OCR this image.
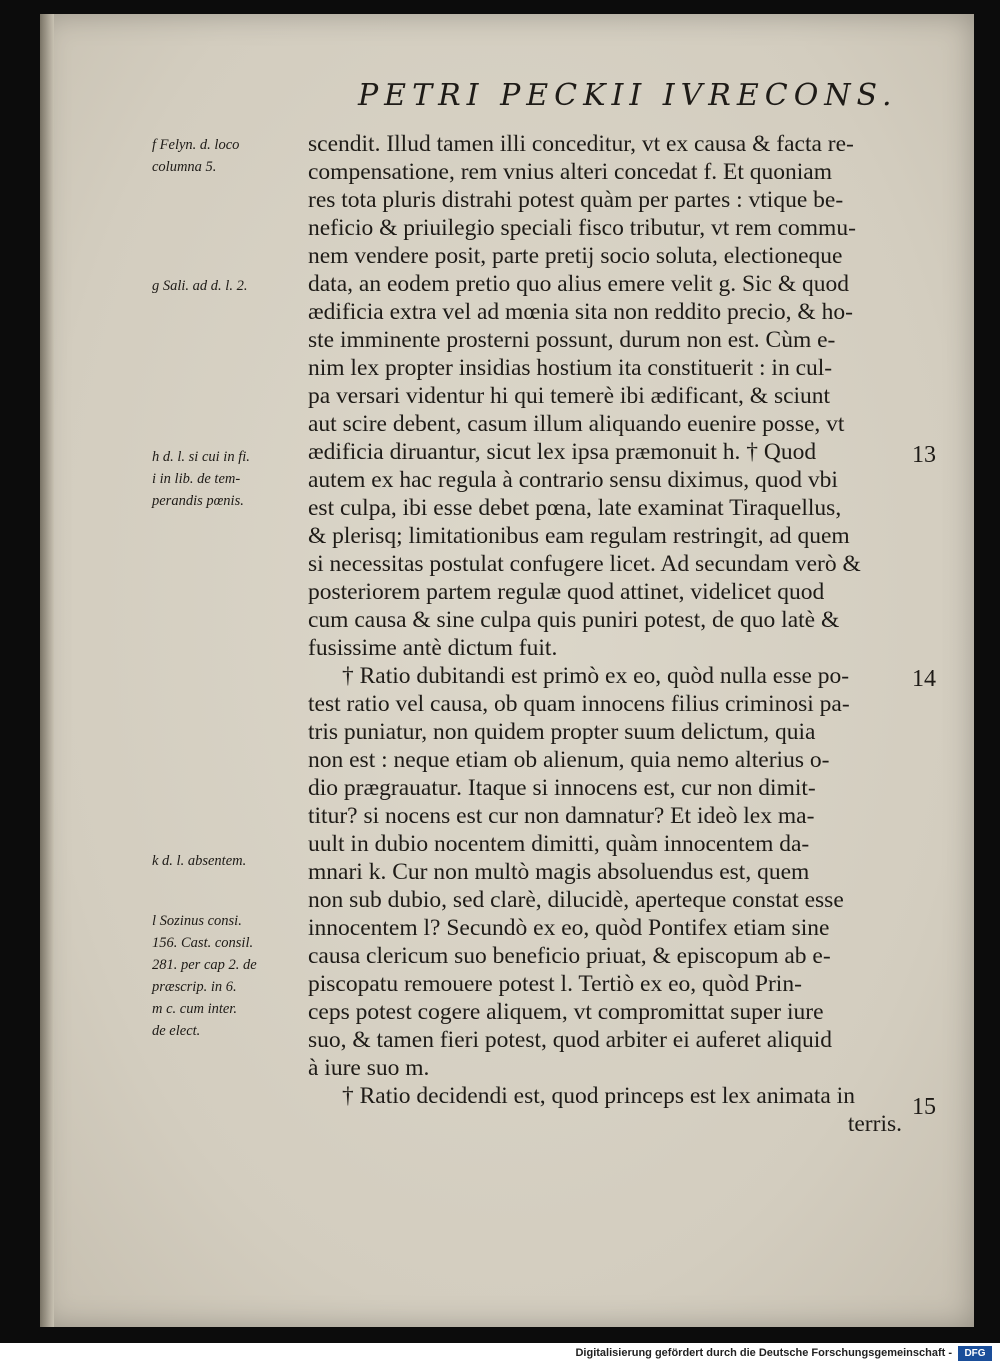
PETRI PECKII IVRECONS.
f Felyn. d. loco
columna 5.
g Sali. ad d. l. 2.
h d. l. si cui in fi.
i in lib. de tem-
perandis pœnis.
k d. l. absentem.
l Sozinus consi.
156. Cast. consil.
281. per cap 2. de
præscrip. in 6.
m c. cum inter.
de elect.
scendit. Illud tamen illi conceditur, vt ex causa & facta re-
compensatione, rem vnius alteri concedat f. Et quoniam
res tota pluris distrahi potest quàm per partes : vtique be-
neficio & priuilegio speciali fisco tributur, vt rem commu-
nem vendere posit, parte pretij socio soluta, electioneque
data, an eodem pretio quo alius emere velit g. Sic & quod
ædificia extra vel ad mœnia sita non reddito precio, & ho-
ste imminente prosterni possunt, durum non est. Cùm e-
nim lex propter insidias hostium ita constituerit : in cul-
pa versari videntur hi qui temerè ibi ædificant, & sciunt
aut scire debent, casum illum aliquando euenire posse, vt
ædificia diruantur, sicut lex ipsa præmonuit h. † Quod
autem ex hac regula à contrario sensu diximus, quod vbi
est culpa, ibi esse debet pœna, late examinat Tiraquellus,
& plerisq; limitationibus eam regulam restringit, ad quem
si necessitas postulat confugere licet. Ad secundam verò &
posteriorem partem regulæ quod attinet, videlicet quod
cum causa & sine culpa quis puniri potest, de quo latè &
fusissime antè dictum fuit.
† Ratio dubitandi est primò ex eo, quòd nulla esse po-
test ratio vel causa, ob quam innocens filius criminosi pa-
tris puniatur, non quidem propter suum delictum, quia
non est : neque etiam ob alienum, quia nemo alterius o-
dio prægrauatur. Itaque si innocens est, cur non dimit-
titur? si nocens est cur non damnatur? Et ideò lex ma-
uult in dubio nocentem dimitti, quàm innocentem da-
mnari k. Cur non multò magis absoluendus est, quem
non sub dubio, sed clarè, dilucidè, aperteque constat esse
innocentem l? Secundò ex eo, quòd Pontifex etiam sine
causa clericum suo beneficio priuat, & episcopum ab e-
piscopatu remouere potest l. Tertiò ex eo, quòd Prin-
ceps potest cogere aliquem, vt compromittat super iure
suo, & tamen fieri potest, quod arbiter ei auferet aliquid
à iure suo m.
† Ratio decidendi est, quod princeps est lex animata in
terris.
13
14
15
Digitalisierung gefördert durch die Deutsche Forschungsgemeinschaft -	DFG
